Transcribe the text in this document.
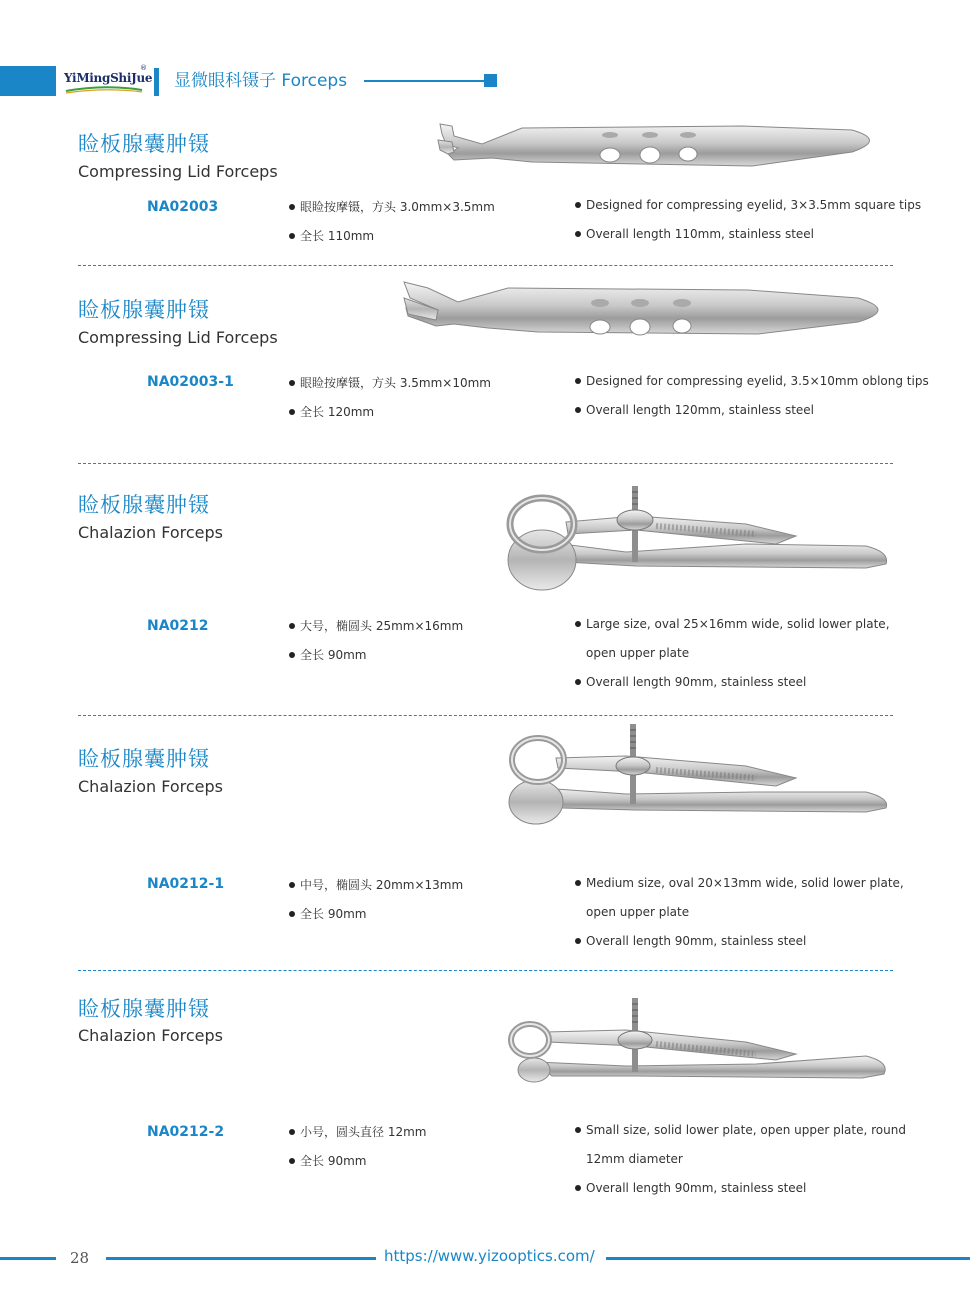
YiMingShiJue
®
显微眼科镊子 Forceps
睑板腺囊肿镊
Compressing Lid Forceps
NA02003	眼睑按摩镊，方头 3.0mm×3.5mm
全长 110mm
Designed for compressing eyelid, 3×3.5mm square tips
Overall length 110mm, stainless steel
睑板腺囊肿镊
Compressing Lid Forceps
NA02003-1	眼睑按摩镊，方头 3.5mm×10mm
全长 120mm
Designed for compressing eyelid, 3.5×10mm oblong tips
Overall length 120mm, stainless steel
睑板腺囊肿镊
Chalazion Forceps
NA0212	大号，椭圆头 25mm×16mm
全长 90mm
Large size, oval 25×16mm wide, solid lower plate,
open upper plate
Overall length 90mm, stainless steel
睑板腺囊肿镊
Chalazion Forceps
NA0212-1	中号，椭圆头 20mm×13mm
全长 90mm
Medium size, oval 20×13mm wide, solid lower plate,
open upper plate
Overall length 90mm, stainless steel
睑板腺囊肿镊
Chalazion Forceps
NA0212-2	小号，圆头直径 12mm
全长 90mm
Small size, solid lower plate, open upper plate, round
12mm diameter
Overall length 90mm, stainless steel
28	https://www.yizooptics.com/
